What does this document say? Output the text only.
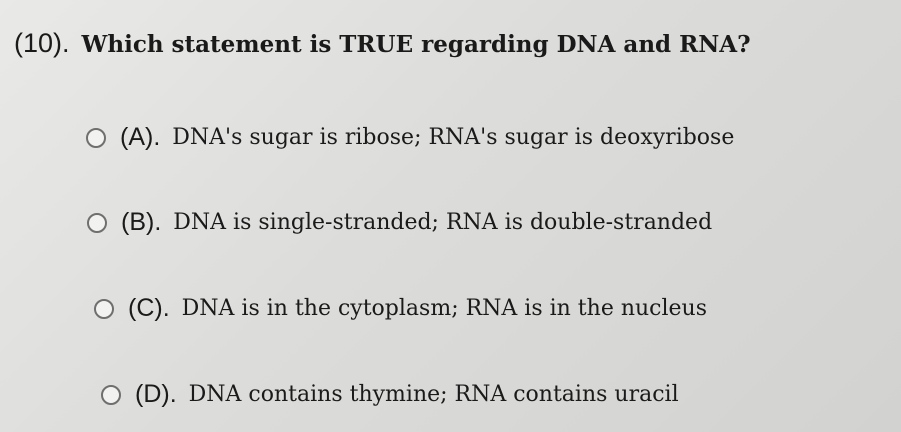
(10). Which statement is TRUE regarding DNA and RNA?
(A). DNA's sugar is ribose; RNA's sugar is deoxyribose
(B). DNA is single-stranded; RNA is double-stranded
(C). DNA is in the cytoplasm; RNA is in the nucleus
(D). DNA contains thymine; RNA contains uracil
